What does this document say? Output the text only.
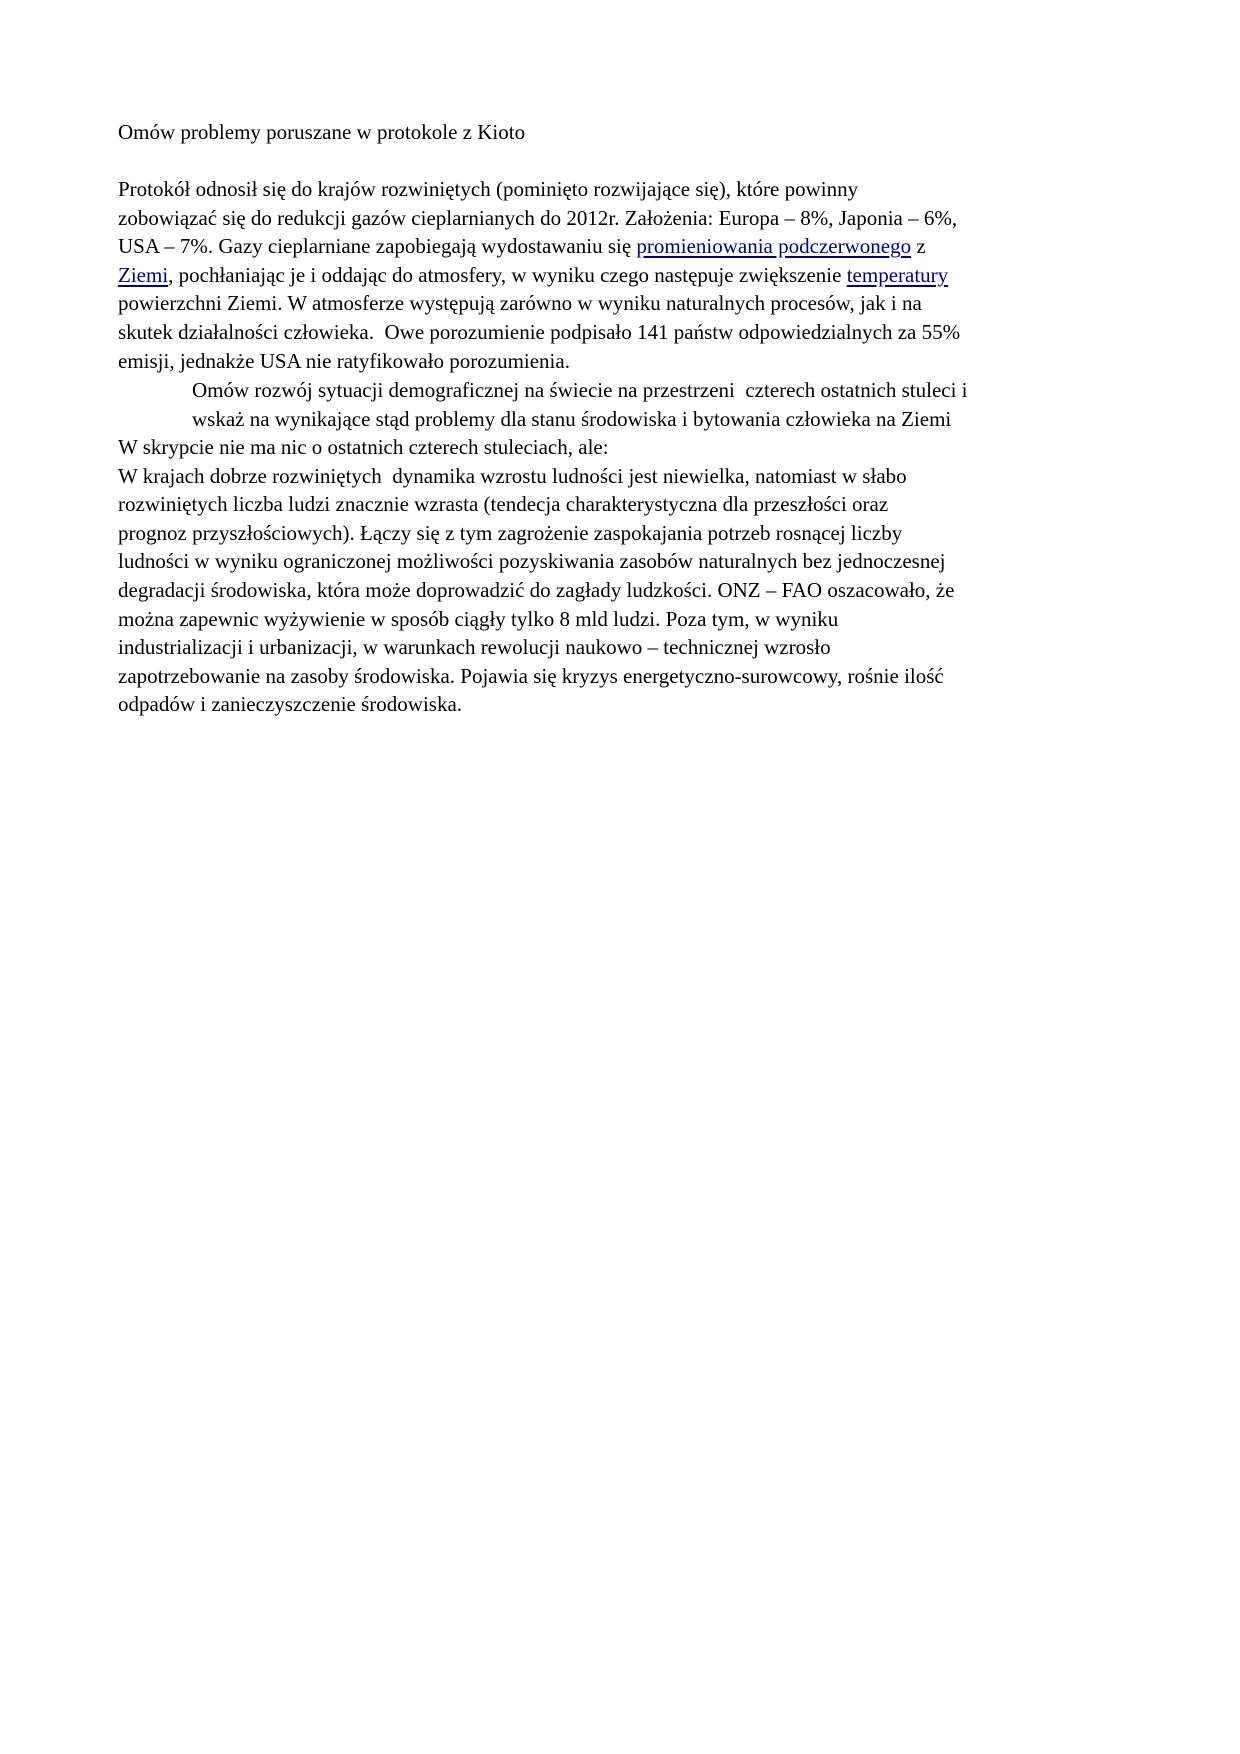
Omów problemy poruszane w protokole z Kioto
Protokół odnosił się do krajów rozwiniętych (pominięto rozwijające się), które powinny
zobowiązać się do redukcji gazów cieplarnianych do 2012r. Założenia: Europa – 8%, Japonia – 6%,
USA – 7%. Gazy cieplarniane zapobiegają wydostawaniu się promieniowania podczerwonego z
Ziemi, pochłaniając je i oddając do atmosfery, w wyniku czego następuje zwiększenie temperatury
powierzchni Ziemi. W atmosferze występują zarówno w wyniku naturalnych procesów, jak i na
skutek działalności człowieka.  Owe porozumienie podpisało 141 państw odpowiedzialnych za 55%
emisji, jednakże USA nie ratyfikowało porozumienia.
Omów rozwój sytuacji demograficznej na świecie na przestrzeni  czterech ostatnich stuleci i
wskaż na wynikające stąd problemy dla stanu środowiska i bytowania człowieka na Ziemi
W skrypcie nie ma nic o ostatnich czterech stuleciach, ale:
W krajach dobrze rozwiniętych  dynamika wzrostu ludności jest niewielka, natomiast w słabo
rozwiniętych liczba ludzi znacznie wzrasta (tendecja charakterystyczna dla przeszłości oraz
prognoz przyszłościowych). Łączy się z tym zagrożenie zaspokajania potrzeb rosnącej liczby
ludności w wyniku ograniczonej możliwości pozyskiwania zasobów naturalnych bez jednoczesnej
degradacji środowiska, która może doprowadzić do zagłady ludzkości. ONZ – FAO oszacowało, że
można zapewnic wyżywienie w sposób ciągły tylko 8 mld ludzi. Poza tym, w wyniku
industrializacji i urbanizacji, w warunkach rewolucji naukowo – technicznej wzrosło
zapotrzebowanie na zasoby środowiska. Pojawia się kryzys energetyczno-surowcowy, rośnie ilość
odpadów i zanieczyszczenie środowiska.
